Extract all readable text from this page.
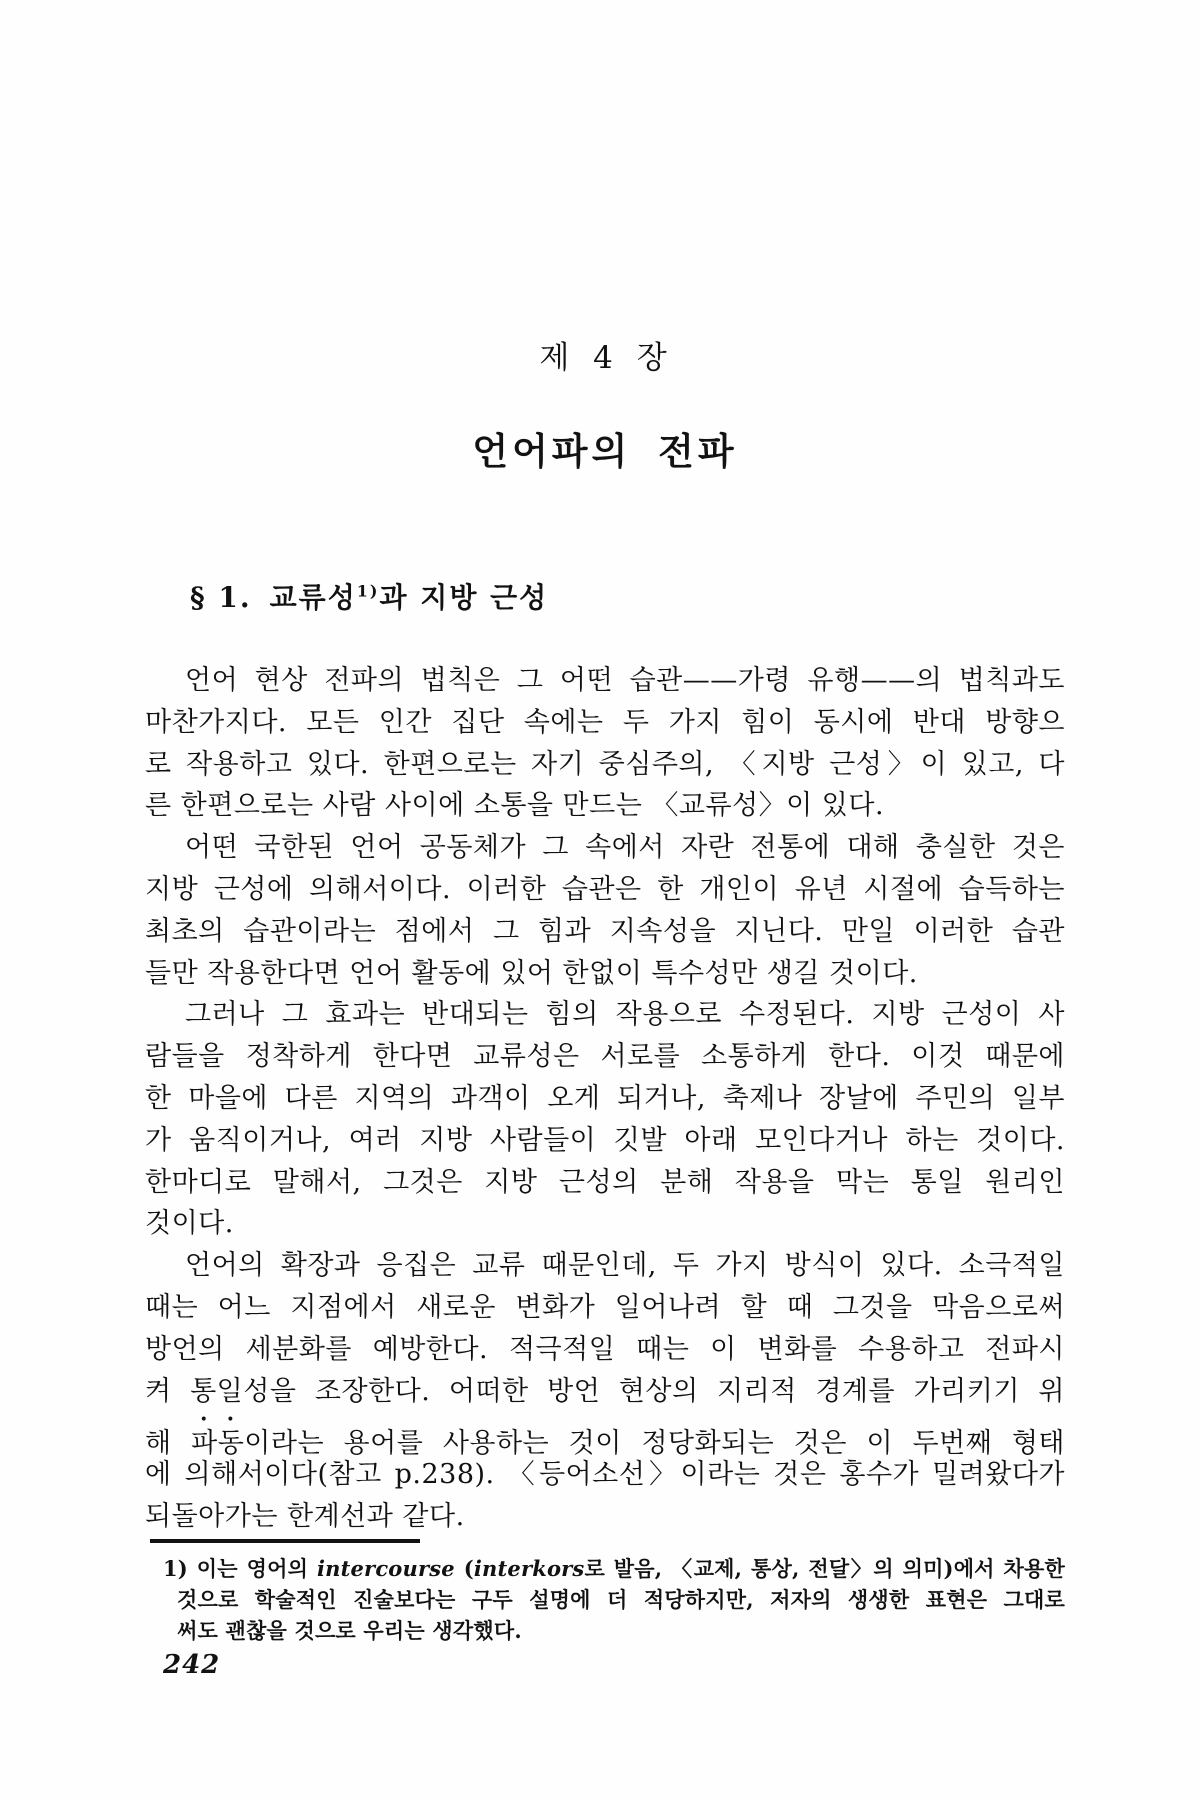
제 4 장
언어파의 전파
§ 1. 교류성$^{1)}$과 지방 근성
언어 현상 전파의 법칙은 그 어떤 습관——가령 유행——의 법칙과도
마찬가지다. 모든 인간 집단 속에는 두 가지 힘이 동시에 반대 방향으
로 작용하고 있다. 한편으로는 자기 중심주의, 〈지방 근성〉이 있고, 다
른 한편으로는 사람 사이에 소통을 만드는 〈교류성〉이 있다.
어떤 국한된 언어 공동체가 그 속에서 자란 전통에 대해 충실한 것은
지방 근성에 의해서이다. 이러한 습관은 한 개인이 유년 시절에 습득하는
최초의 습관이라는 점에서 그 힘과 지속성을 지닌다. 만일 이러한 습관
들만 작용한다면 언어 활동에 있어 한없이 특수성만 생길 것이다.
그러나 그 효과는 반대되는 힘의 작용으로 수정된다. 지방 근성이 사
람들을 정착하게 한다면 교류성은 서로를 소통하게 한다. 이것 때문에
한 마을에 다른 지역의 과객이 오게 되거나, 축제나 장날에 주민의 일부
가 움직이거나, 여러 지방 사람들이 깃발 아래 모인다거나 하는 것이다.
한마디로 말해서, 그것은 지방 근성의 분해 작용을 막는 통일 원리인
것이다.
언어의 확장과 응집은 교류 때문인데, 두 가지 방식이 있다. 소극적일
때는 어느 지점에서 새로운 변화가 일어나려 할 때 그것을 막음으로써
방언의 세분화를 예방한다. 적극적일 때는 이 변화를 수용하고 전파시
켜 통일성을 조장한다. 어떠한 방언 현상의 지리적 경계를 가리키기 위
해 파동이라는 용어를 사용하는 것이 정당화되는 것은 이 두번째 형태
에 의해서이다(참고 p.238). 〈등어소선〉이라는 것은 홍수가 밀려왔다가
되돌아가는 한계선과 같다.
1) 이는 영어의 intercourse (interkors로 발음, 〈교제, 통상, 전달〉의 의미)에서 차용한
것으로 학술적인 진술보다는 구두 설명에 더 적당하지만, 저자의 생생한 표현은 그대로
써도 괜찮을 것으로 우리는 생각했다.
242
